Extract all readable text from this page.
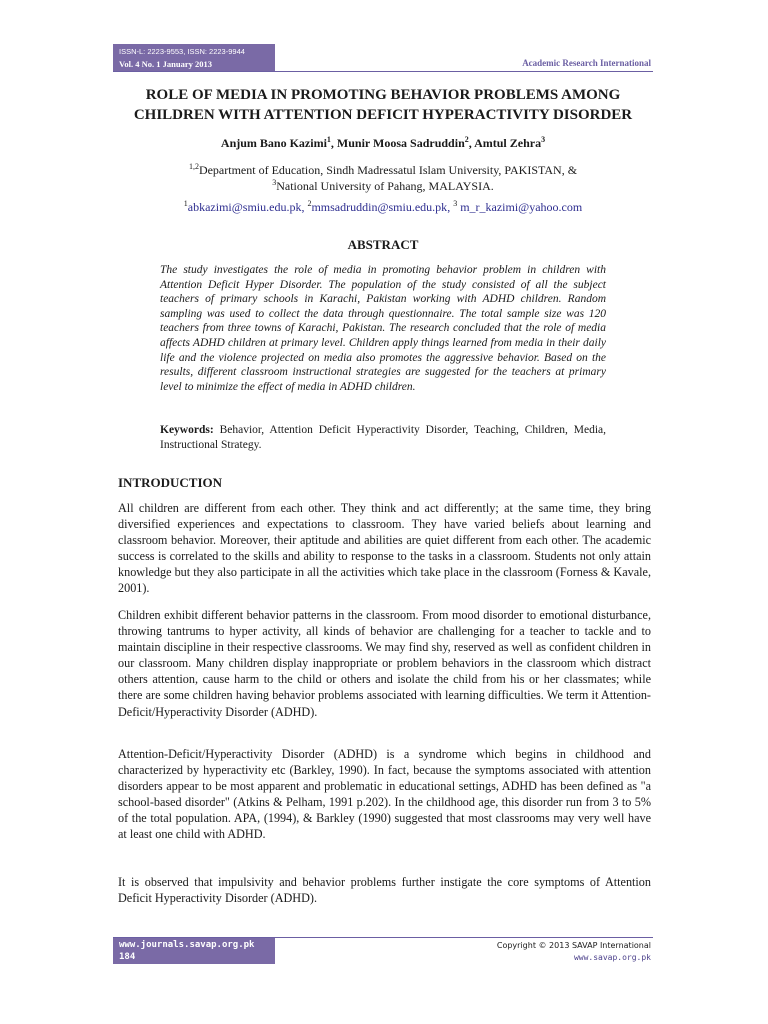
ISSN-L: 2223-9553, ISSN: 2223-9944
Vol. 4 No. 1 January 2013	Academic Research International
ROLE OF MEDIA IN PROMOTING BEHAVIOR PROBLEMS AMONG
CHILDREN WITH ATTENTION DEFICIT HYPERACTIVITY DISORDER
Anjum Bano Kazimi$^1$, Munir Moosa Sadruddin$^2$, Amtul Zehra$^3$
$^{1,2}$Department of Education, Sindh Madressatul Islam University, PAKISTAN, &
$^3$National University of Pahang, MALAYSIA.
$^1$abkazimi@smiu.edu.pk, $^2$mmsadruddin@smiu.edu.pk, $^3$ m_r_kazimi@yahoo.com
ABSTRACT

The study investigates the role of media in promoting behavior problem in children with Attention Deficit Hyper Disorder. The population of the study consisted of all the subject teachers of primary schools in Karachi, Pakistan working with ADHD children. Random sampling was used to collect the data through questionnaire. The total sample size was 120 teachers from three towns of Karachi, Pakistan. The research concluded that the role of media affects ADHD children at primary level. Children apply things learned from media in their daily life and the violence projected on media also promotes the aggressive behavior. Based on the results, different classroom instructional strategies are suggested for the teachers at primary level to minimize the effect of media in ADHD children.

Keywords: Behavior, Attention Deficit Hyperactivity Disorder, Teaching, Children, Media, Instructional Strategy.

INTRODUCTION

All children are different from each other. They think and act differently; at the same time, they bring diversified experiences and expectations to classroom. They have varied beliefs about learning and classroom behavior. Moreover, their aptitude and abilities are quiet different from each other. The academic success is correlated to the skills and ability to response to the tasks in a classroom. Students not only attain knowledge but they also participate in all the activities which take place in the classroom (Forness & Kavale, 2001).

Children exhibit different behavior patterns in the classroom. From mood disorder to emotional disturbance, throwing tantrums to hyper activity, all kinds of behavior are challenging for a teacher to tackle and to maintain discipline in their respective classrooms. We may find shy, reserved as well as confident children in our classroom. Many children display inappropriate or problem behaviors in the classroom which distract others attention, cause harm to the child or others and isolate the child from his or her classmates; while there are some children having behavior problems associated with learning difficulties. We term it Attention-Deficit/Hyperactivity Disorder (ADHD).

Attention-Deficit/Hyperactivity Disorder (ADHD) is a syndrome which begins in childhood and characterized by hyperactivity etc (Barkley, 1990). In fact, because the symptoms associated with attention disorders appear to be most apparent and problematic in educational settings, ADHD has been defined as "a school-based disorder" (Atkins & Pelham, 1991 p.202). In the childhood age, this disorder run from 3 to 5% of the total population. APA, (1994), & Barkley (1990) suggested that most classrooms may very well have at least one child with ADHD.

It is observed that impulsivity and behavior problems further instigate the core symptoms of Attention Deficit Hyperactivity Disorder (ADHD).

www.journals.savap.org.pk
184
Copyright © 2013 SAVAP International
www.savap.org.pk
